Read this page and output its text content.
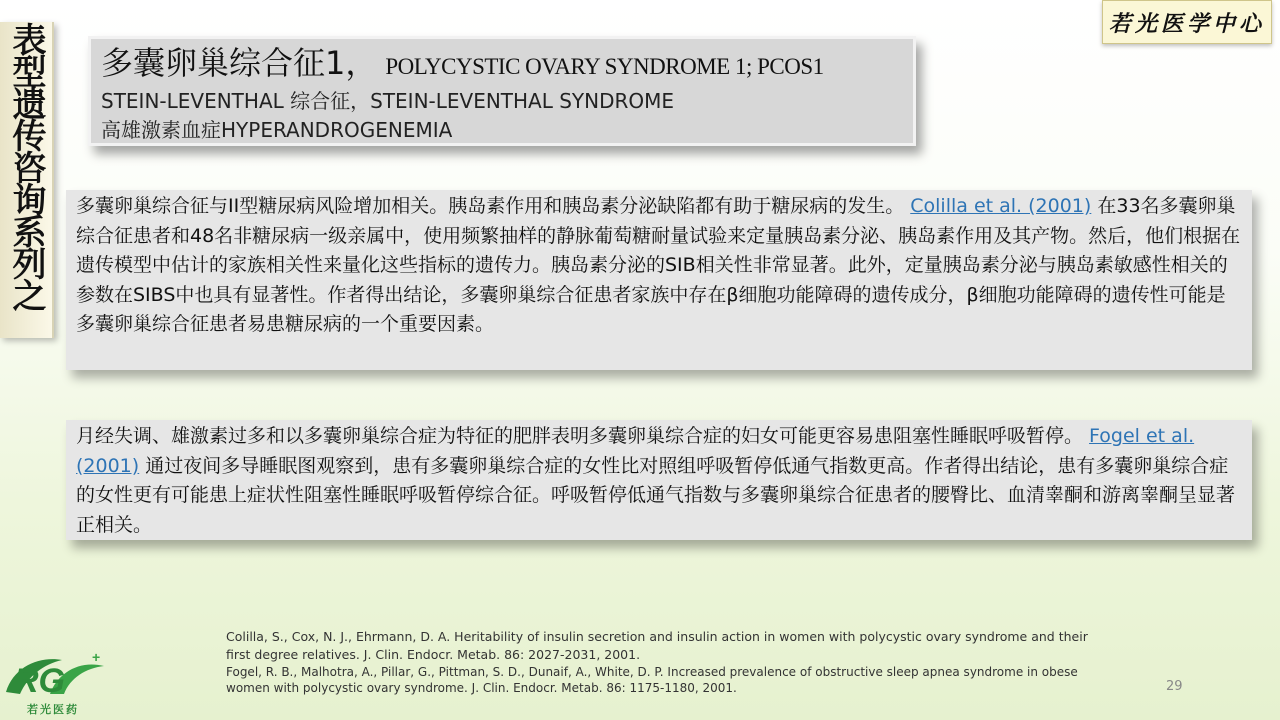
表型遗传咨询系列之	若光医学中心
多囊卵巢综合征1， POLYCYSTIC OVARY SYNDROME 1; PCOS1
STEIN-LEVENTHAL 综合征，STEIN-LEVENTHAL SYNDROME
高雄激素血症HYPERANDROGENEMIA
多囊卵巢综合征与II型糖尿病风险增加相关。胰岛素作用和胰岛素分泌缺陷都有助于糖尿病的发生。 Colilla et al. (2001) 在33名多囊卵巢综合征患者和48名非糖尿病一级亲属中，使用频繁抽样的静脉葡萄糖耐量试验来定量胰岛素分泌、胰岛素作用及其产物。然后，他们根据在遗传模型中估计的家族相关性来量化这些指标的遗传力。胰岛素分泌的SIB相关性非常显著。此外，定量胰岛素分泌与胰岛素敏感性相关的参数在SIBS中也具有显著性。作者得出结论，多囊卵巢综合征患者家族中存在β细胞功能障碍的遗传成分，β细胞功能障碍的遗传性可能是多囊卵巢综合征患者易患糖尿病的一个重要因素。
月经失调、雄激素过多和以多囊卵巢综合症为特征的肥胖表明多囊卵巢综合症的妇女可能更容易患阻塞性睡眠呼吸暂停。 Fogel et al. (2001) 通过夜间多导睡眠图观察到，患有多囊卵巢综合症的女性比对照组呼吸暂停低通气指数更高。作者得出结论，患有多囊卵巢综合症的女性更有可能患上症状性阻塞性睡眠呼吸暂停综合征。呼吸暂停低通气指数与多囊卵巢综合征患者的腰臀比、血清睾酮和游离睾酮呈显著正相关。
Colilla, S., Cox, N. J., Ehrmann, D. A. Heritability of insulin secretion and insulin action in women with polycystic ovary syndrome and their first degree relatives. J. Clin. Endocr. Metab. 86: 2027-2031, 2001.
Fogel, R. B., Malhotra, A., Pillar, G., Pittman, S. D., Dunaif, A., White, D. P. Increased prevalence of obstructive sleep apnea syndrome in obese women with polycystic ovary syndrome. J. Clin. Endocr. Metab. 86: 1175-1180, 2001.	29
RG
+
若光医药
